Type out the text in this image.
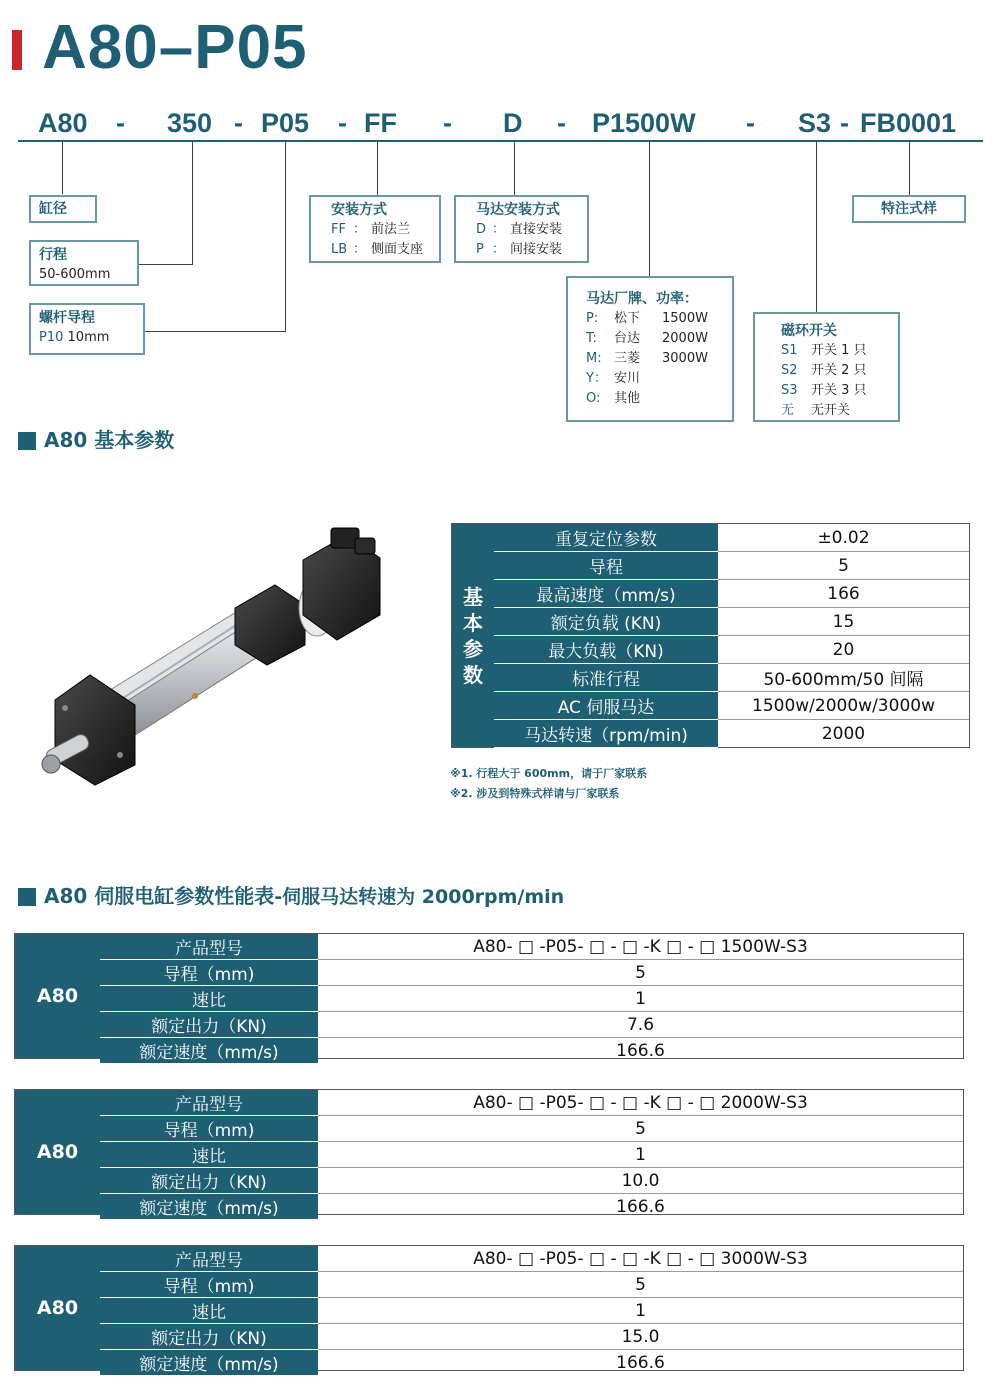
A80–P05
A80 - 350 - P05 - FF - D - P1500W - S3 - FB0001
缸径
行程
50-600mm
螺杆导程
P10
10mm
安装方式
FF ： 前法兰
LB ： 侧面支座
马达安装方式
D ： 直接安装
P ： 间接安装
马达厂牌、功率：
P:	松下	1500W
T:	台达	2000W
M: 三菱	3000W
Y： 安川
O:	其他
磁环开关
S1	开关 1 只
S2	开关 2 只
S3	开关 3 只
无	无开关
特注式样
A80 基本参数
基
本
参
数
重复定位参数	±0.02
导程	5
最高速度（mm/s)	166
额定负载 (KN)	15
最大负载（KN)	20
标准行程	50-600mm/50 间隔
AC 伺服马达	1500w/2000w/3000w
马达转速（rpm/min)	2000
※1. 行程大于 600mm，请于厂家联系
※2. 涉及到特殊式样请与厂家联系
A80 伺服电缸参数性能表-伺服马达转速为 2000rpm/min
A80
产品型号	A80- □ -P05- □ - □ -K □ - □ 1500W-S3
导程（mm)	5
速比	1
额定出力（KN)	7.6
额定速度（mm/s)	166.6
A80
产品型号	A80- □ -P05- □ - □ -K □ - □ 2000W-S3
导程（mm)	5
速比	1
额定出力（KN)	10.0
额定速度（mm/s)	166.6
A80
产品型号	A80- □ -P05- □ - □ -K □ - □ 3000W-S3
导程（mm)	5
速比	1
额定出力（KN)	15.0
额定速度（mm/s)	166.6
